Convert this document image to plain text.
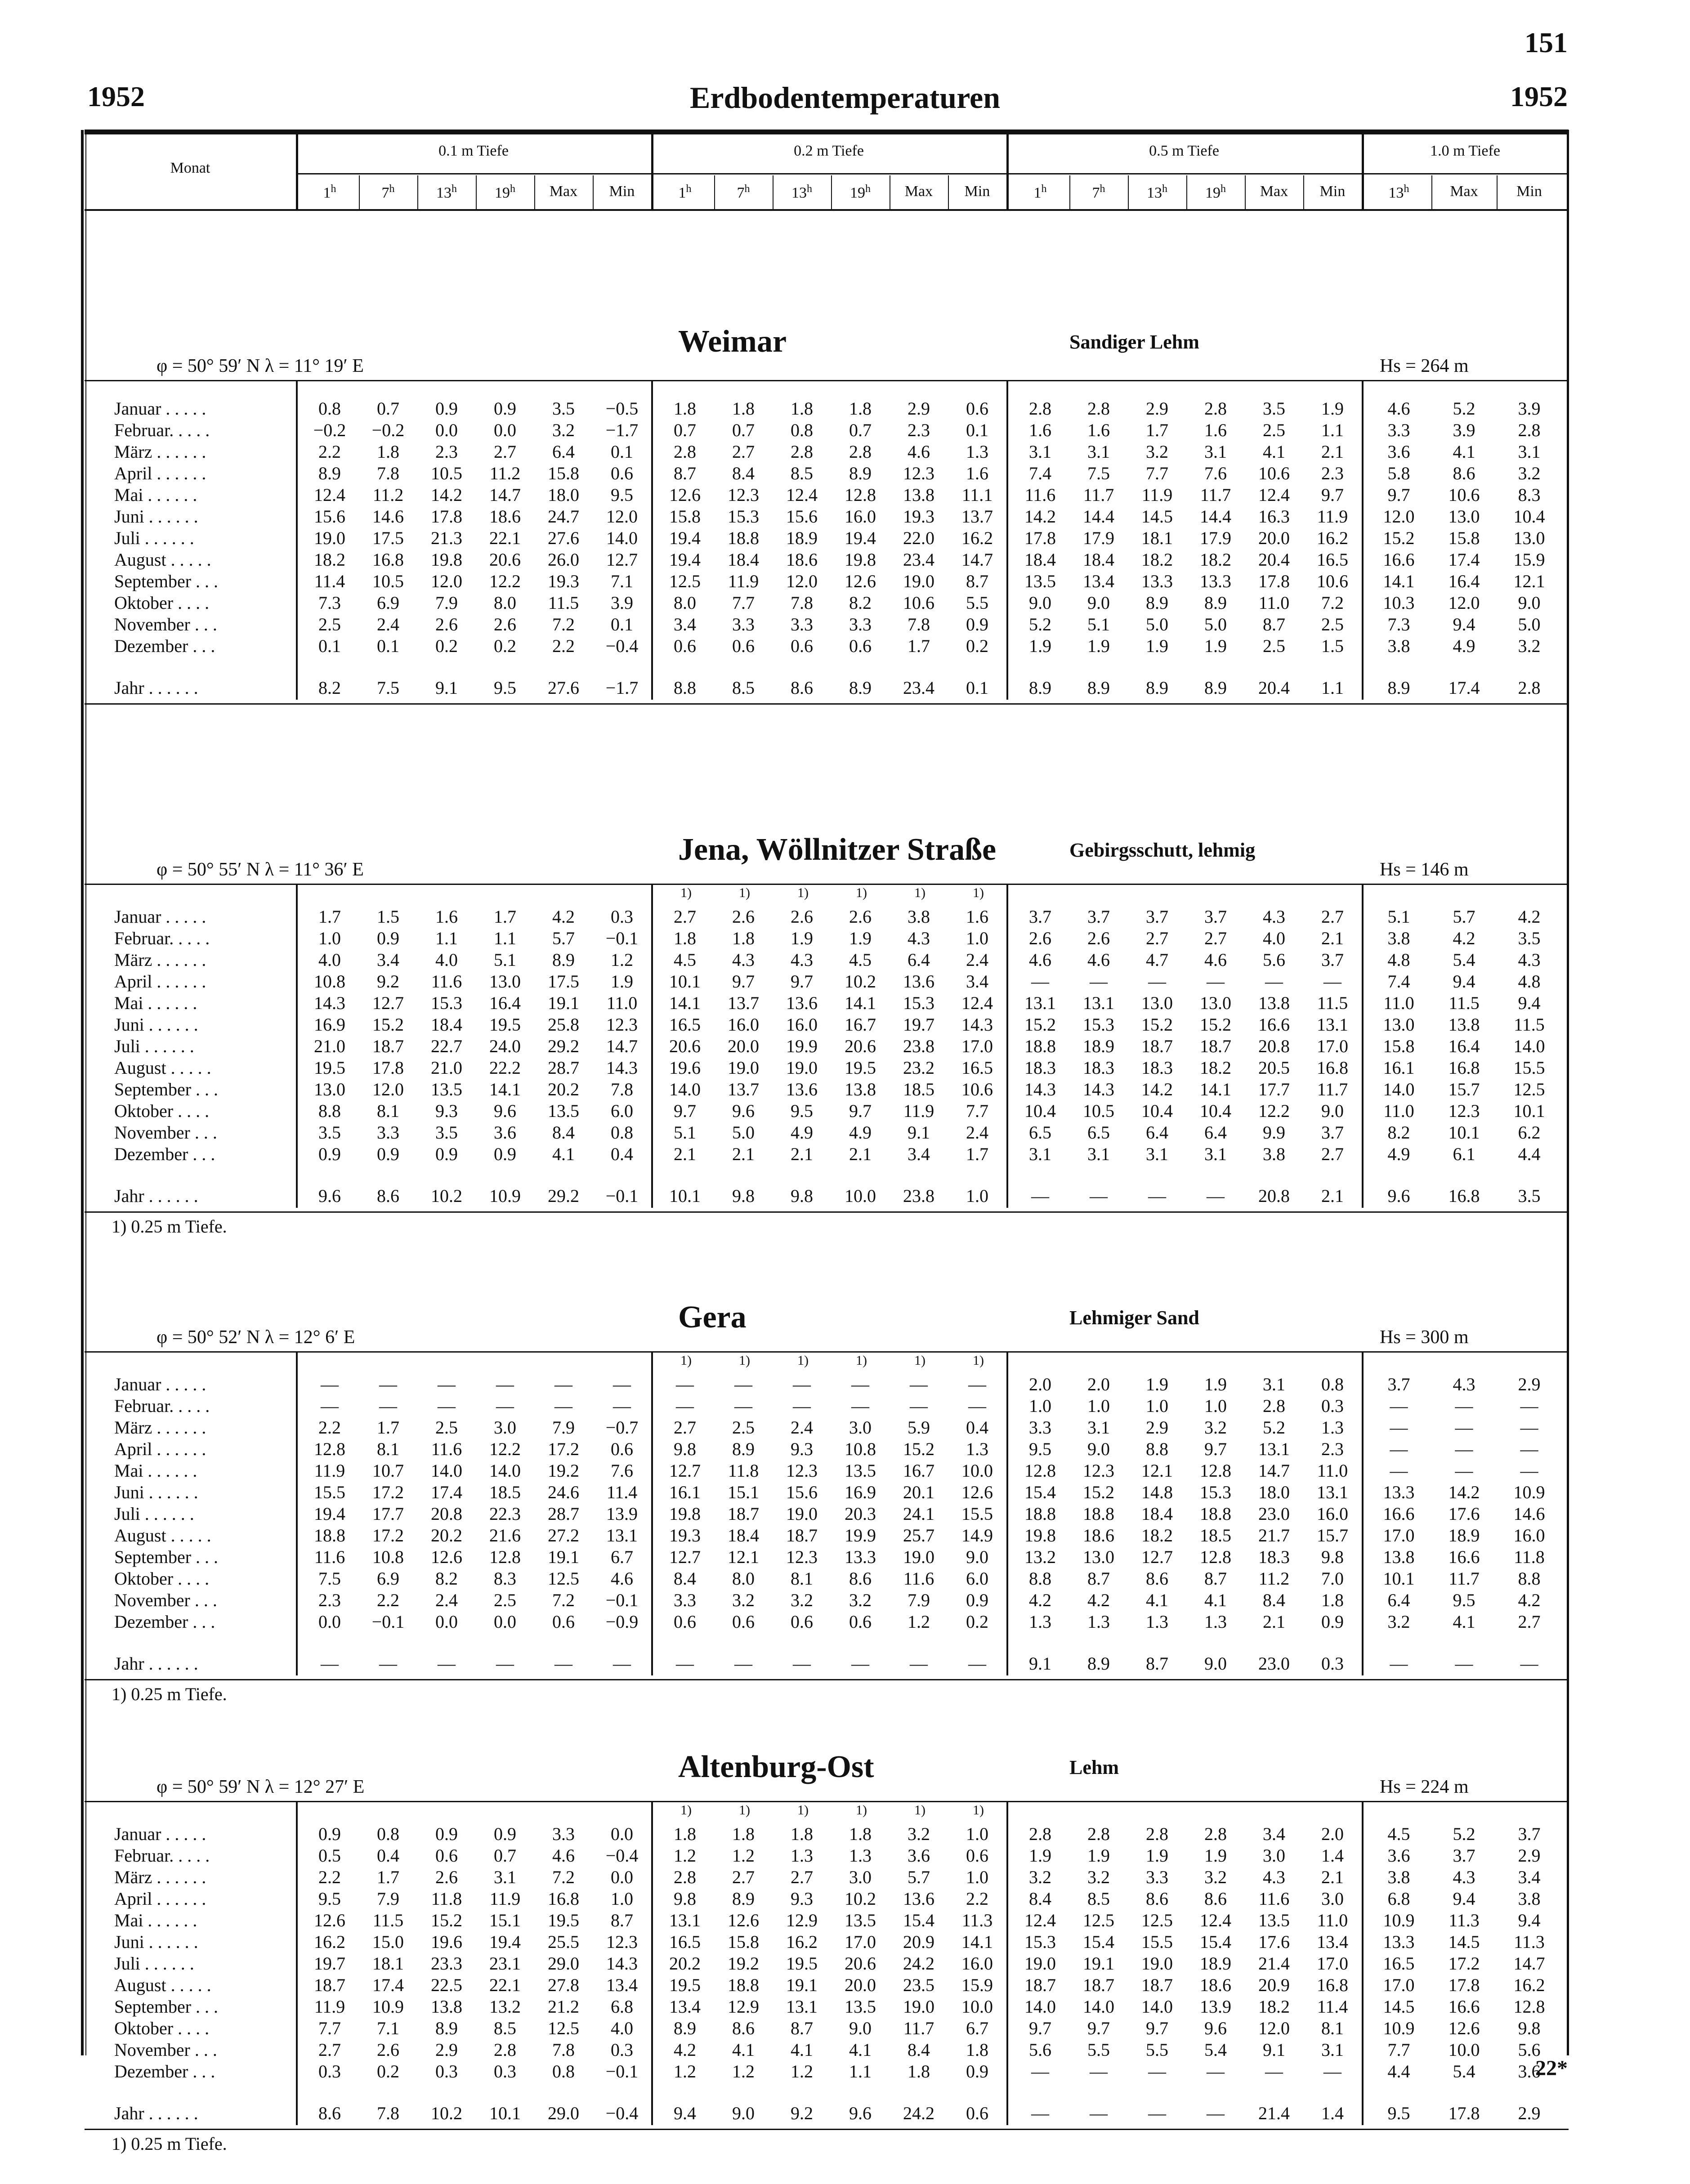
151
1952	Erdbodentemperaturen	1952
Monat
0.1 m Tiefe	0.2 m Tiefe	0.5 m Tiefe	1.0 m Tiefe
1$^h$	7$^h$	13$^h$	19$^h$	Max	Min	1$^h$	7$^h$	13$^h$	19$^h$	Max	Min	1$^h$	7$^h$	13$^h$	19$^h$	Max	Min	13$^h$	Max	Min
Weimar	Sandiger Lehm
φ = 50° 59′ N λ = 11° 19′ E	Hs = 264 m
Januar . . . . .	0.8	0.7	0.9	0.9	3.5	−0.5	1.8	1.8	1.8	1.8	2.9	0.6	2.8	2.8	2.9	2.8	3.5	1.9	4.6	5.2	3.9
Februar. . . . .	−0.2	−0.2	0.0	0.0	3.2	−1.7	0.7	0.7	0.8	0.7	2.3	0.1	1.6	1.6	1.7	1.6	2.5	1.1	3.3	3.9	2.8
März . . . . . .	2.2	1.8	2.3	2.7	6.4	0.1	2.8	2.7	2.8	2.8	4.6	1.3	3.1	3.1	3.2	3.1	4.1	2.1	3.6	4.1	3.1
April . . . . . .	8.9	7.8	10.5	11.2	15.8	0.6	8.7	8.4	8.5	8.9	12.3	1.6	7.4	7.5	7.7	7.6	10.6	2.3	5.8	8.6	3.2
Mai . . . . . .	12.4	11.2	14.2	14.7	18.0	9.5	12.6	12.3	12.4	12.8	13.8	11.1	11.6	11.7	11.9	11.7	12.4	9.7	9.7	10.6	8.3
Juni . . . . . .	15.6	14.6	17.8	18.6	24.7	12.0	15.8	15.3	15.6	16.0	19.3	13.7	14.2	14.4	14.5	14.4	16.3	11.9	12.0	13.0	10.4
Juli . . . . . .	19.0	17.5	21.3	22.1	27.6	14.0	19.4	18.8	18.9	19.4	22.0	16.2	17.8	17.9	18.1	17.9	20.0	16.2	15.2	15.8	13.0
August . . . . .	18.2	16.8	19.8	20.6	26.0	12.7	19.4	18.4	18.6	19.8	23.4	14.7	18.4	18.4	18.2	18.2	20.4	16.5	16.6	17.4	15.9
September . . .	11.4	10.5	12.0	12.2	19.3	7.1	12.5	11.9	12.0	12.6	19.0	8.7	13.5	13.4	13.3	13.3	17.8	10.6	14.1	16.4	12.1
Oktober . . . .	7.3	6.9	7.9	8.0	11.5	3.9	8.0	7.7	7.8	8.2	10.6	5.5	9.0	9.0	8.9	8.9	11.0	7.2	10.3	12.0	9.0
November . . .	2.5	2.4	2.6	2.6	7.2	0.1	3.4	3.3	3.3	3.3	7.8	0.9	5.2	5.1	5.0	5.0	8.7	2.5	7.3	9.4	5.0
Dezember . . .	0.1	0.1	0.2	0.2	2.2	−0.4	0.6	0.6	0.6	0.6	1.7	0.2	1.9	1.9	1.9	1.9	2.5	1.5	3.8	4.9	3.2
Jahr . . . . . .	8.2	7.5	9.1	9.5	27.6	−1.7	8.8	8.5	8.6	8.9	23.4	0.1	8.9	8.9	8.9	8.9	20.4	1.1	8.9	17.4	2.8
Jena, Wöllnitzer Straße	Gebirgsschutt, lehmig
φ = 50° 55′ N λ = 11° 36′ E	Hs = 146 m
1)	1)	1)	1)	1)	1)
Januar . . . . .	1.7	1.5	1.6	1.7	4.2	0.3	2.7	2.6	2.6	2.6	3.8	1.6	3.7	3.7	3.7	3.7	4.3	2.7	5.1	5.7	4.2
Februar. . . . .	1.0	0.9	1.1	1.1	5.7	−0.1	1.8	1.8	1.9	1.9	4.3	1.0	2.6	2.6	2.7	2.7	4.0	2.1	3.8	4.2	3.5
März . . . . . .	4.0	3.4	4.0	5.1	8.9	1.2	4.5	4.3	4.3	4.5	6.4	2.4	4.6	4.6	4.7	4.6	5.6	3.7	4.8	5.4	4.3
April . . . . . .	10.8	9.2	11.6	13.0	17.5	1.9	10.1	9.7	9.7	10.2	13.6	3.4	—	—	—	—	—	—	7.4	9.4	4.8
Mai . . . . . .	14.3	12.7	15.3	16.4	19.1	11.0	14.1	13.7	13.6	14.1	15.3	12.4	13.1	13.1	13.0	13.0	13.8	11.5	11.0	11.5	9.4
Juni . . . . . .	16.9	15.2	18.4	19.5	25.8	12.3	16.5	16.0	16.0	16.7	19.7	14.3	15.2	15.3	15.2	15.2	16.6	13.1	13.0	13.8	11.5
Juli . . . . . .	21.0	18.7	22.7	24.0	29.2	14.7	20.6	20.0	19.9	20.6	23.8	17.0	18.8	18.9	18.7	18.7	20.8	17.0	15.8	16.4	14.0
August . . . . .	19.5	17.8	21.0	22.2	28.7	14.3	19.6	19.0	19.0	19.5	23.2	16.5	18.3	18.3	18.3	18.2	20.5	16.8	16.1	16.8	15.5
September . . .	13.0	12.0	13.5	14.1	20.2	7.8	14.0	13.7	13.6	13.8	18.5	10.6	14.3	14.3	14.2	14.1	17.7	11.7	14.0	15.7	12.5
Oktober . . . .	8.8	8.1	9.3	9.6	13.5	6.0	9.7	9.6	9.5	9.7	11.9	7.7	10.4	10.5	10.4	10.4	12.2	9.0	11.0	12.3	10.1
November . . .	3.5	3.3	3.5	3.6	8.4	0.8	5.1	5.0	4.9	4.9	9.1	2.4	6.5	6.5	6.4	6.4	9.9	3.7	8.2	10.1	6.2
Dezember . . .	0.9	0.9	0.9	0.9	4.1	0.4	2.1	2.1	2.1	2.1	3.4	1.7	3.1	3.1	3.1	3.1	3.8	2.7	4.9	6.1	4.4
Jahr . . . . . .	9.6	8.6	10.2	10.9	29.2	−0.1	10.1	9.8	9.8	10.0	23.8	1.0	—	—	—	—	20.8	2.1	9.6	16.8	3.5
1) 0.25 m Tiefe.
Gera	Lehmiger Sand
φ = 50° 52′ N λ = 12° 6′ E	Hs = 300 m
1)	1)	1)	1)	1)	1)
Januar . . . . .	—	—	—	—	—	—	—	—	—	—	—	—	2.0	2.0	1.9	1.9	3.1	0.8	3.7	4.3	2.9
Februar. . . . .	—	—	—	—	—	—	—	—	—	—	—	—	1.0	1.0	1.0	1.0	2.8	0.3	—	—	—
März . . . . . .	2.2	1.7	2.5	3.0	7.9	−0.7	2.7	2.5	2.4	3.0	5.9	0.4	3.3	3.1	2.9	3.2	5.2	1.3	—	—	—
April . . . . . .	12.8	8.1	11.6	12.2	17.2	0.6	9.8	8.9	9.3	10.8	15.2	1.3	9.5	9.0	8.8	9.7	13.1	2.3	—	—	—
Mai . . . . . .	11.9	10.7	14.0	14.0	19.2	7.6	12.7	11.8	12.3	13.5	16.7	10.0	12.8	12.3	12.1	12.8	14.7	11.0	—	—	—
Juni . . . . . .	15.5	17.2	17.4	18.5	24.6	11.4	16.1	15.1	15.6	16.9	20.1	12.6	15.4	15.2	14.8	15.3	18.0	13.1	13.3	14.2	10.9
Juli . . . . . .	19.4	17.7	20.8	22.3	28.7	13.9	19.8	18.7	19.0	20.3	24.1	15.5	18.8	18.8	18.4	18.8	23.0	16.0	16.6	17.6	14.6
August . . . . .	18.8	17.2	20.2	21.6	27.2	13.1	19.3	18.4	18.7	19.9	25.7	14.9	19.8	18.6	18.2	18.5	21.7	15.7	17.0	18.9	16.0
September . . .	11.6	10.8	12.6	12.8	19.1	6.7	12.7	12.1	12.3	13.3	19.0	9.0	13.2	13.0	12.7	12.8	18.3	9.8	13.8	16.6	11.8
Oktober . . . .	7.5	6.9	8.2	8.3	12.5	4.6	8.4	8.0	8.1	8.6	11.6	6.0	8.8	8.7	8.6	8.7	11.2	7.0	10.1	11.7	8.8
November . . .	2.3	2.2	2.4	2.5	7.2	−0.1	3.3	3.2	3.2	3.2	7.9	0.9	4.2	4.2	4.1	4.1	8.4	1.8	6.4	9.5	4.2
Dezember . . .	0.0	−0.1	0.0	0.0	0.6	−0.9	0.6	0.6	0.6	0.6	1.2	0.2	1.3	1.3	1.3	1.3	2.1	0.9	3.2	4.1	2.7
Jahr . . . . . .	—	—	—	—	—	—	—	—	—	—	—	—	9.1	8.9	8.7	9.0	23.0	0.3	—	—	—
1) 0.25 m Tiefe.
Altenburg-Ost	Lehm
φ = 50° 59′ N λ = 12° 27′ E	Hs = 224 m
1)	1)	1)	1)	1)	1)
Januar . . . . .	0.9	0.8	0.9	0.9	3.3	0.0	1.8	1.8	1.8	1.8	3.2	1.0	2.8	2.8	2.8	2.8	3.4	2.0	4.5	5.2	3.7
Februar. . . . .	0.5	0.4	0.6	0.7	4.6	−0.4	1.2	1.2	1.3	1.3	3.6	0.6	1.9	1.9	1.9	1.9	3.0	1.4	3.6	3.7	2.9
März . . . . . .	2.2	1.7	2.6	3.1	7.2	0.0	2.8	2.7	2.7	3.0	5.7	1.0	3.2	3.2	3.3	3.2	4.3	2.1	3.8	4.3	3.4
April . . . . . .	9.5	7.9	11.8	11.9	16.8	1.0	9.8	8.9	9.3	10.2	13.6	2.2	8.4	8.5	8.6	8.6	11.6	3.0	6.8	9.4	3.8
Mai . . . . . .	12.6	11.5	15.2	15.1	19.5	8.7	13.1	12.6	12.9	13.5	15.4	11.3	12.4	12.5	12.5	12.4	13.5	11.0	10.9	11.3	9.4
Juni . . . . . .	16.2	15.0	19.6	19.4	25.5	12.3	16.5	15.8	16.2	17.0	20.9	14.1	15.3	15.4	15.5	15.4	17.6	13.4	13.3	14.5	11.3
Juli . . . . . .	19.7	18.1	23.3	23.1	29.0	14.3	20.2	19.2	19.5	20.6	24.2	16.0	19.0	19.1	19.0	18.9	21.4	17.0	16.5	17.2	14.7
August . . . . .	18.7	17.4	22.5	22.1	27.8	13.4	19.5	18.8	19.1	20.0	23.5	15.9	18.7	18.7	18.7	18.6	20.9	16.8	17.0	17.8	16.2
September . . .	11.9	10.9	13.8	13.2	21.2	6.8	13.4	12.9	13.1	13.5	19.0	10.0	14.0	14.0	14.0	13.9	18.2	11.4	14.5	16.6	12.8
Oktober . . . .	7.7	7.1	8.9	8.5	12.5	4.0	8.9	8.6	8.7	9.0	11.7	6.7	9.7	9.7	9.7	9.6	12.0	8.1	10.9	12.6	9.8
November . . .	2.7	2.6	2.9	2.8	7.8	0.3	4.2	4.1	4.1	4.1	8.4	1.8	5.6	5.5	5.5	5.4	9.1	3.1	7.7	10.0	5.6
Dezember . . .	0.3	0.2	0.3	0.3	0.8	−0.1	1.2	1.2	1.2	1.1	1.8	0.9	—	—	—	—	—	—	4.4	5.4	3.6
Jahr . . . . . .	8.6	7.8	10.2	10.1	29.0	−0.4	9.4	9.0	9.2	9.6	24.2	0.6	—	—	—	—	21.4	1.4	9.5	17.8	2.9
1) 0.25 m Tiefe.
22*
